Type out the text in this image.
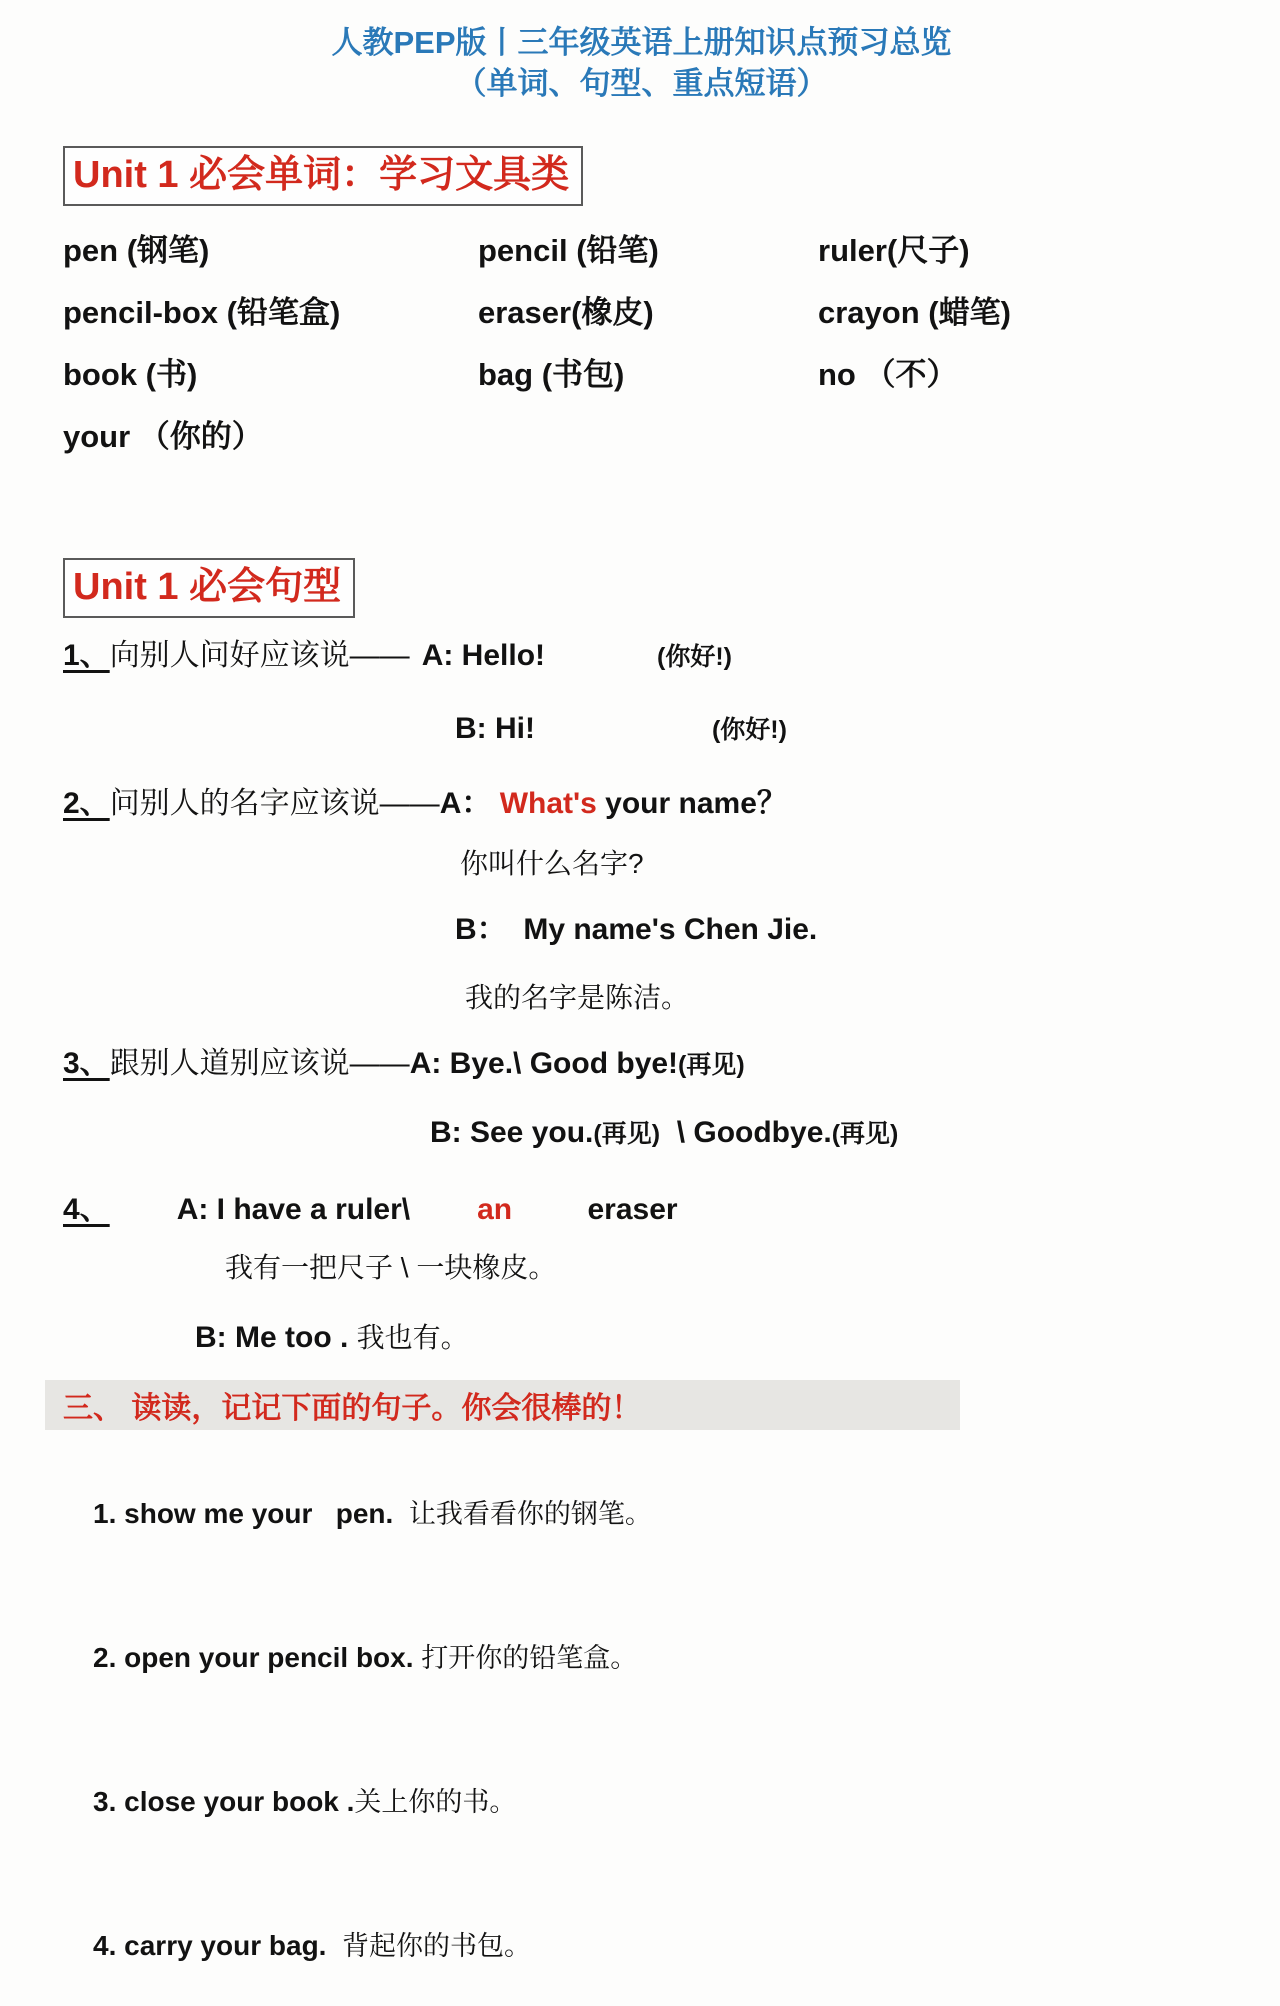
人教PEP版丨三年级英语上册知识点预习总览
（单词、句型、重点短语）
Unit 1 必会单词：学习文具类
pen (钢笔)	pencil (铅笔)	ruler(尺子)
pencil-box (铅笔盒)	eraser(橡皮)	crayon (蜡笔)
book (书)	bag (书包)	no （不）
your （你的）
Unit 1 必会句型
1、 向别人问好应该说—— A: Hello!	(你好!)
B: Hi!	(你好!)
2、 问别人的名字应该说—— A： What's your name？
你叫什么名字?
B：  My name's Chen Jie.
我的名字是陈洁。
3、 跟别人道别应该说—— A: Bye.\ Good bye! (再见)
B: See you. (再见) \ Goodbye. (再见)
4、 A: I have a ruler\ an eraser
我有一把尺子 \ 一块橡皮。
B: Me too . 我也有。
三、 读读，记记下面的句子。你会很棒的！

1. show me your   pen.  让我看看你的钢笔。

2. open your pencil box. 打开你的铅笔盒。

3. close your book .关上你的书。

4. carry your bag.  背起你的书包。
